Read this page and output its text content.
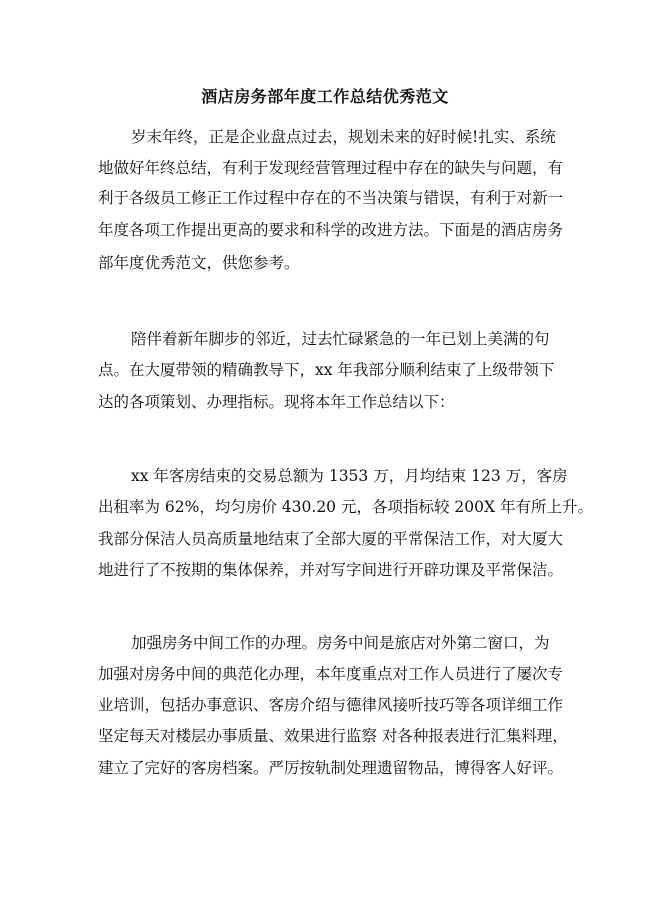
酒店房务部年度工作总结优秀范文
岁末年终，正是企业盘点过去，规划未来的好时候!扎实、系统
地做好年终总结，有利于发现经营管理过程中存在的缺失与问题，有
利于各级员工修正工作过程中存在的不当决策与错误，有利于对新一
年度各项工作提出更高的要求和科学的改进方法。下面是的酒店房务
部年度优秀范文，供您参考。
陪伴着新年脚步的邻近，过去忙碌紧急的一年已划上美满的句
点。在大厦带领的精确教导下，xx 年我部分顺利结束了上级带领下
达的各项策划、办理指标。现将本年工作总结以下：
xx 年客房结束的交易总额为 1353 万，月均结束 123 万，客房
出租率为 62%，均匀房价 430.20 元，各项指标较 200X 年有所上升。
我部分保洁人员高质量地结束了全部大厦的平常保洁工作，对大厦大
地进行了不按期的集体保养，并对写字间进行开辟功课及平常保洁。
加强房务中间工作的办理。房务中间是旅店对外第二窗口，为
加强对房务中间的典范化办理，本年度重点对工作人员进行了屡次专
业培训，包括办事意识、客房介绍与德律风接听技巧等各项详细工作
坚定每天对楼层办事质量、效果进行监察 对各种报表进行汇集料理，
建立了完好的客房档案。严厉按轨制处理遗留物品，博得客人好评。
